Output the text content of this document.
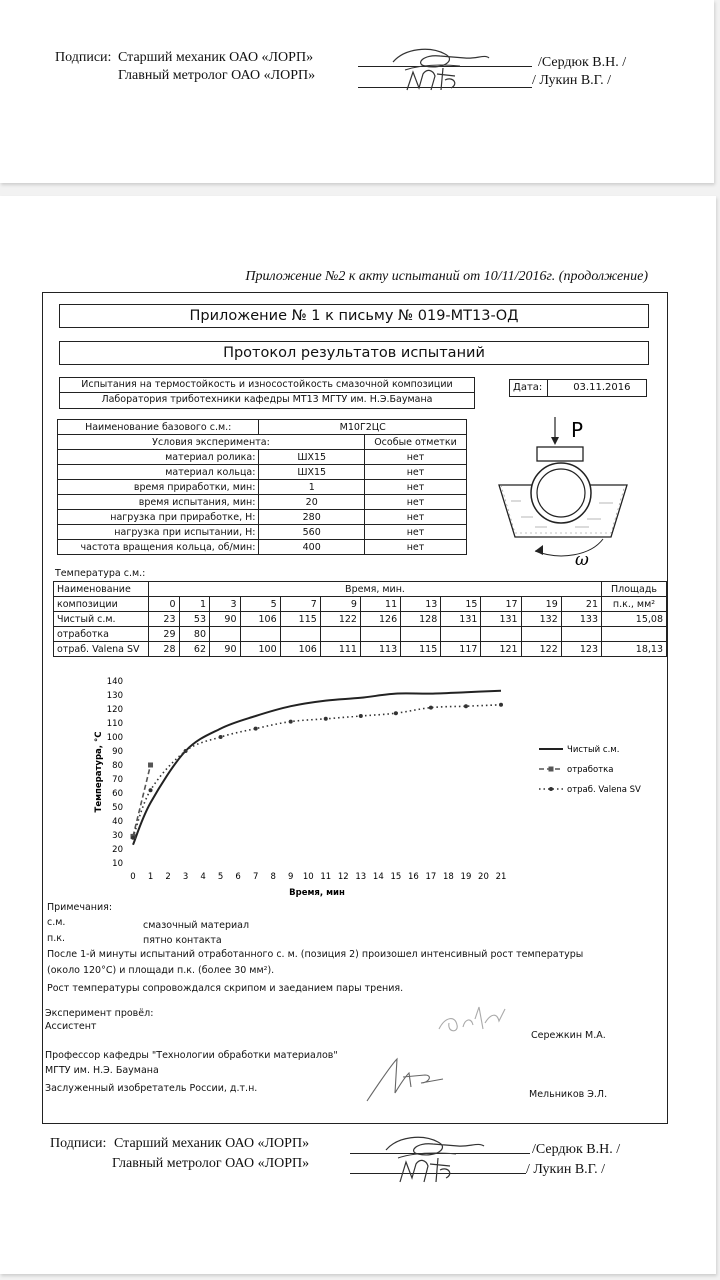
Подписи: Старший механик ОАО «ЛОРП»
Главный метролог ОАО «ЛОРП»
/Сердюк В.Н. /
/ Лукин В.Г. /
Приложение №2 к акту испытаний от 10/11/2016г. (продолжение)
Приложение № 1 к письму № 019-МТ13-ОД
Протокол результатов испытаний
Испытания на термостойкость и износостойкость смазочной композиции
Лаборатория триботехники кафедры МТ13 МГТУ им. Н.Э.Баумана
Дата:	03.11.2016
Наименование базового с.м.:	М10Г2ЦС	
Условия эксперимента:		Особые отметки
материал ролика:	ШХ15	нет
материал кольца:	ШХ15	нет
время приработки, мин:	1	нет
время испытания, мин:	20	нет
нагрузка при приработке, Н:	280	нет
нагрузка при испытании, Н:	560	нет
частота вращения кольца, об/мин:	400	нет
P
ω
Температура с.м.:
Наименование	Время, мин.												Площадь
композиции	0	1	3	5	7	9	11	13	15	17	19	21	п.к., мм²
Чистый с.м.	23	53	90	106	115	122	126	128	131	131	132	133	15,08
отработка	29	80											
отраб. Valena SV	28	62	90	100	106	111	113	115	117	121	122	123	18,13
10
20
30
40
50
60
70
80
90
100
110
120
130
140
0 1 2 3 4 5 6 7 8 9 10 11 12 13 14 15 16 17 18 19 20 21
Время, мин
Температура, °С	Чистый с.м.
отработка
отраб. Valena SV
Примечания:
с.м.	смазочный материал
п.к.	пятно контакта
После 1-й минуты испытаний отработанного с. м. (позиция 2) произошел интенсивный рост температуры
(около 120°С) и площади п.к. (более 30 мм²).
Рост температуры сопровождался скрипом и заеданием пары трения.
Эксперимент провёл:
Ассистент
Сережкин М.А.
Профессор кафедры "Технологии обработки материалов"
МГТУ им. Н.Э. Баумана
Заслуженный изобретатель России, д.т.н.
Мельников Э.Л.
Подписи: Старший механик ОАО «ЛОРП»
Главный метролог ОАО «ЛОРП»
/Сердюк В.Н. /
/ Лукин В.Г. /
